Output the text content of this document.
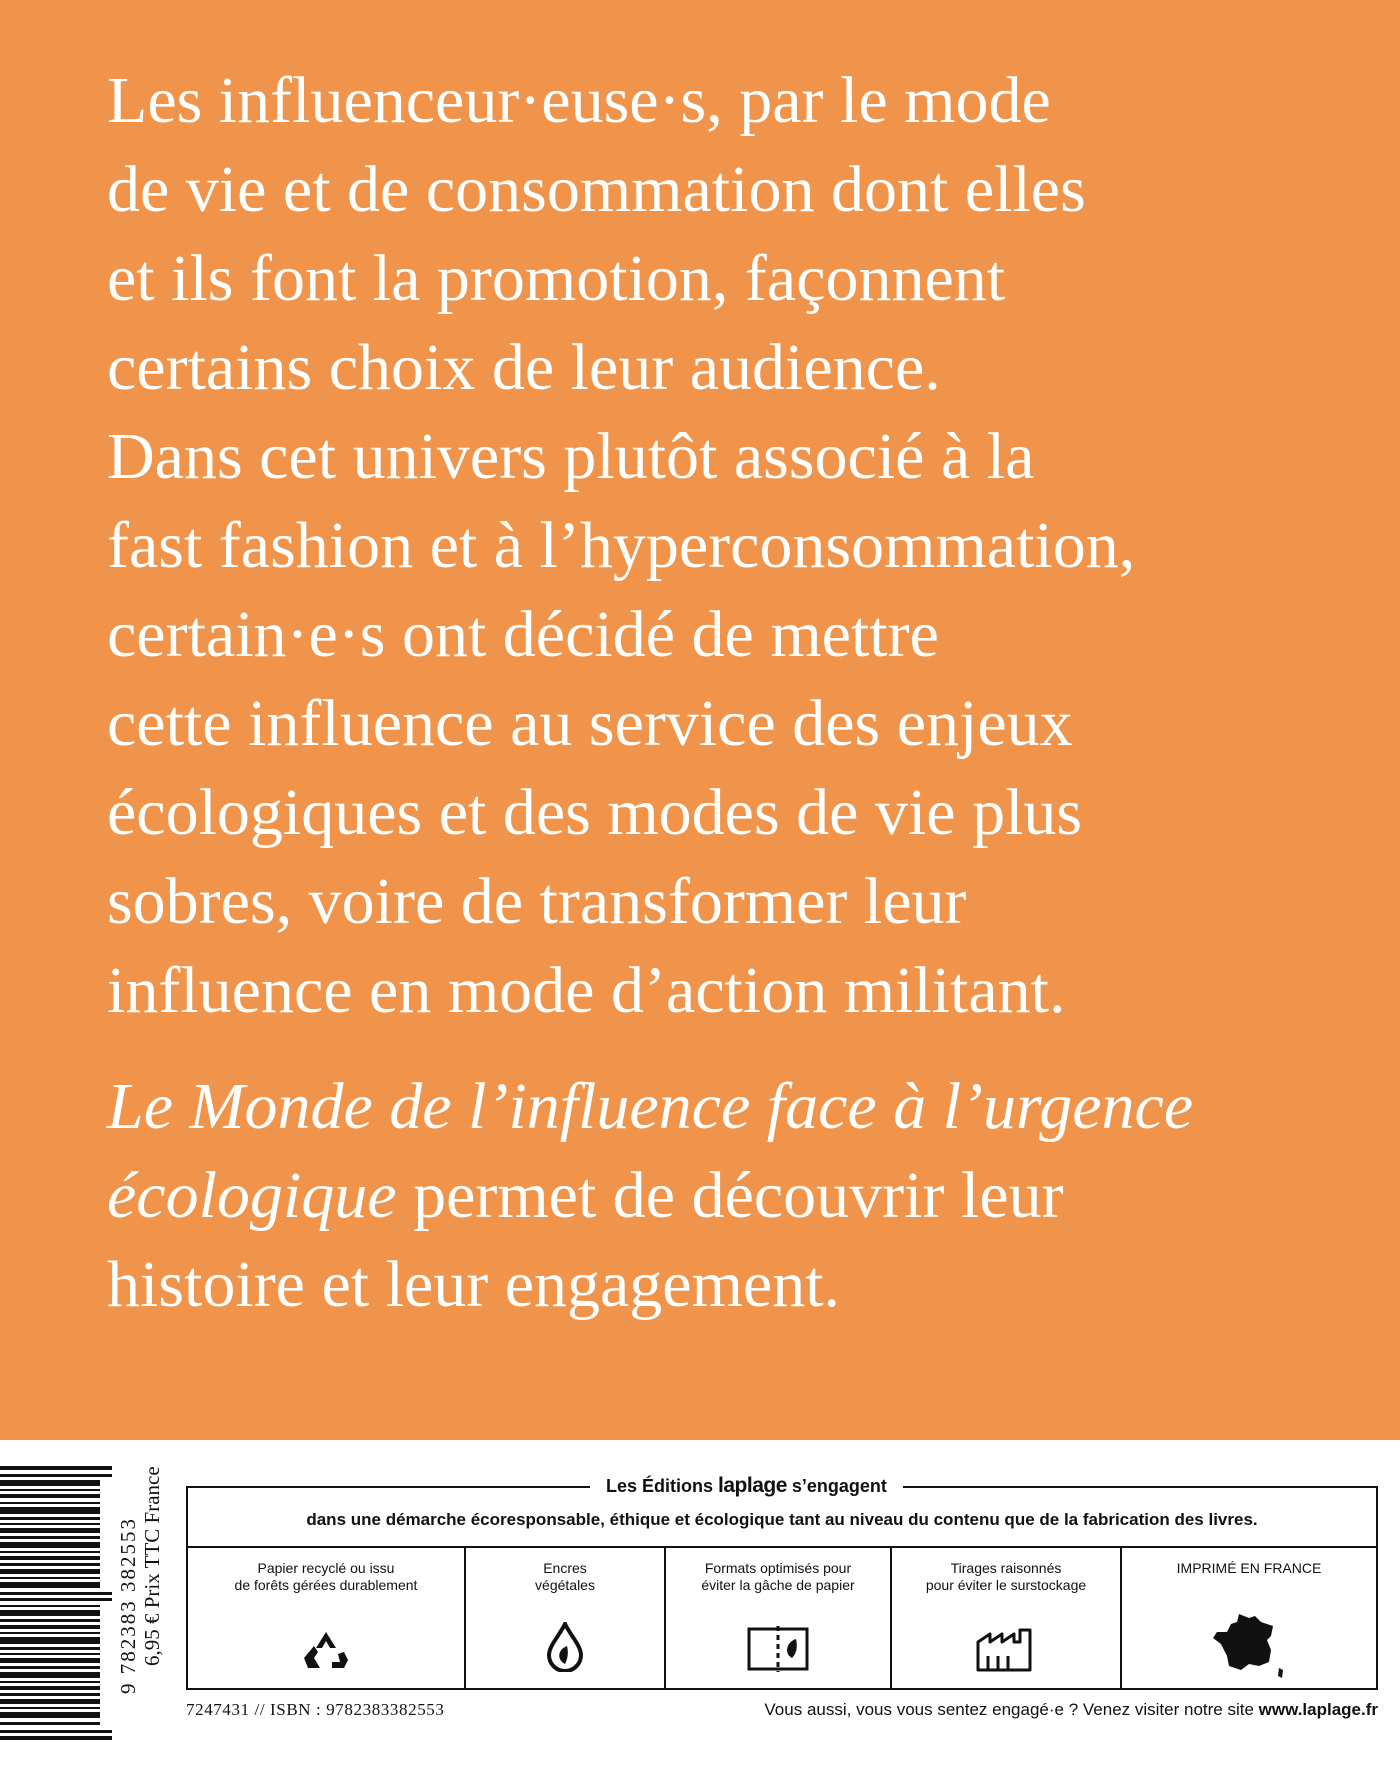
Les influenceur·euse·s, par le mode
de vie et de consommation dont elles
et ils font la promotion, façonnent
certains choix de leur audience.
Dans cet univers plutôt associé à la
fast fashion et à l’hyperconsommation,
certain·e·s ont décidé de mettre
cette influence au service des enjeux
écologiques et des modes de vie plus
sobres, voire de transformer leur
influence en mode d’action militant.
Le Monde de l’influence face à l’urgence
écologique permet de découvrir leur
histoire et leur engagement.
9 782383 382553 6,95 € Prix TTC France
7247431 // ISBN : 9782383382553
dans une démarche écoresponsable, éthique et écologique tant au niveau du contenu que de la fabrication des livres.
Papier recyclé ou issu
de forêts gérées durablement
Encres
végétales
Formats optimisés pour
éviter la gâche de papier
Tirages raisonnés
pour éviter le surstockage
IMPRIMÉ EN FRANCE
Les Éditions laplage s’engagent
Vous aussi, vous vous sentez engagé·e ? Venez visiter notre site www.laplage.fr
